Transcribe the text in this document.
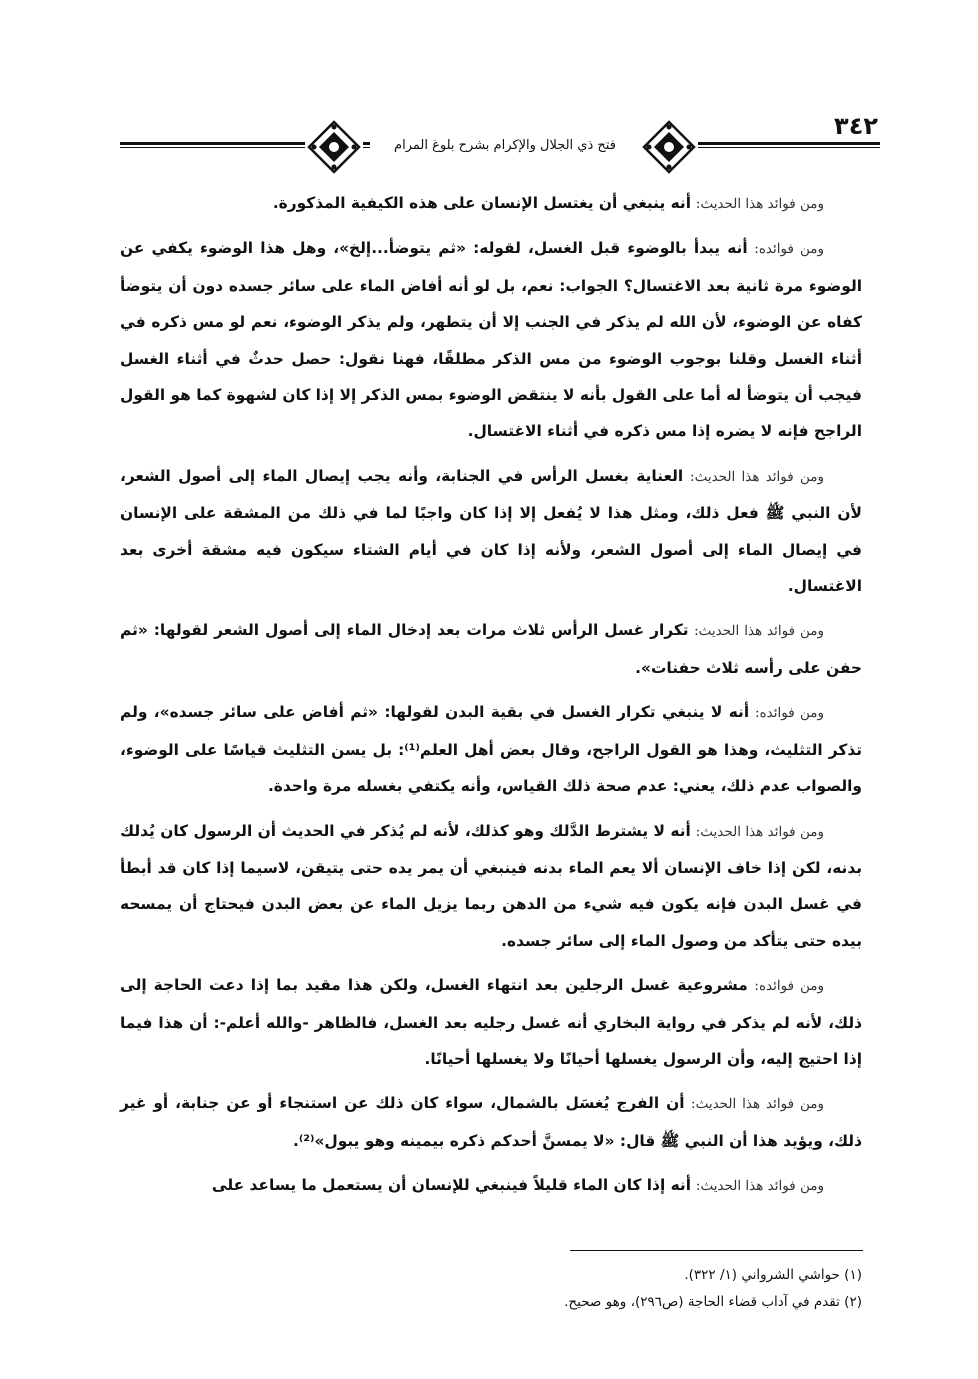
فتح ذي الجلال والإكرام بشرح بلوغ المرام
٣٤٢

ومن فوائد هذا الحديث: أنه ينبغي أن يغتسل الإنسان على هذه الكيفية المذكورة.

ومن فوائده: أنه يبدأ بالوضوء قبل الغسل، لقوله: «ثم يتوضأ...إلخ»، وهل هذا الوضوء يكفي عن الوضوء مرة ثانية بعد الاغتسال؟ الجواب: نعم، بل لو أنه أفاض الماء على سائر جسده دون أن يتوضأ كفاه عن الوضوء، لأن الله لم يذكر في الجنب إلا أن يتطهر، ولم يذكر الوضوء، نعم لو مس ذكره في أثناء الغسل وقلنا بوجوب الوضوء من مس الذكر مطلقًا، فهنا نقول: حصل حدثٌ في أثناء الغسل فيجب أن يتوضأ له أما على القول بأنه لا ينتقض الوضوء بمس الذكر إلا إذا كان لشهوة كما هو القول الراجح فإنه لا يضره إذا مس ذكره في أثناء الاغتسال.

ومن فوائد هذا الحديث: العناية بغسل الرأس في الجنابة، وأنه يجب إيصال الماء إلى أصول الشعر، لأن النبي ﷺ فعل ذلك، ومثل هذا لا يُفعل إلا إذا كان واجبًا لما في ذلك من المشقة على الإنسان في إيصال الماء إلى أصول الشعر، ولأنه إذا كان في أيام الشتاء سيكون فيه مشقة أخرى بعد الاغتسال.

ومن فوائد هذا الحديث: تكرار غسل الرأس ثلاث مرات بعد إدخال الماء إلى أصول الشعر لقولها: «ثم حفن على رأسه ثلاث حفنات».

ومن فوائده: أنه لا ينبغي تكرار الغسل في بقية البدن لقولها: «ثم أفاض على سائر جسده»، ولم تذكر التثليث، وهذا هو القول الراجح، وقال بعض أهل العلم⁽¹⁾: بل يسن التثليث قياسًا على الوضوء، والصواب عدم ذلك، يعني: عدم صحة ذلك القياس، وأنه يكتفي بغسله مرة واحدة.

ومن فوائد هذا الحديث: أنه لا يشترط الدَّلك وهو كذلك، لأنه لم يُذكر في الحديث أن الرسول كان يُدلك بدنه، لكن إذا خاف الإنسان ألا يعم الماء بدنه فينبغي أن يمر يده حتى يتيقن، لاسيما إذا كان قد أبطأ في غسل البدن فإنه يكون فيه شيء من الدهن ربما يزيل الماء عن بعض البدن فيحتاج أن يمسحه بيده حتى يتأكد من وصول الماء إلى سائر جسده.

ومن فوائده: مشروعية غسل الرجلين بعد انتهاء الغسل، ولكن هذا مقيد بما إذا دعت الحاجة إلى ذلك، لأنه لم يذكر في رواية البخاري أنه غسل رجليه بعد الغسل، فالظاهر -والله أعلم-: أن هذا فيما إذا احتيج إليه، وأن الرسول يغسلها أحيانًا ولا يغسلها أحيانًا.

ومن فوائد هذا الحديث: أن الفرج يُغسَل بالشمال، سواء كان ذلك عن استنجاء أو عن جنابة، أو غير ذلك، ويؤيد هذا أن النبي ﷺ قال: «لا يمسنَّ أحدكم ذكره بيمينه وهو يبول»⁽²⁾.

ومن فوائد هذا الحديث: أنه إذا كان الماء قليلاً فينبغي للإنسان أن يستعمل ما يساعد على

(١) حواشي الشرواني (١/ ٣٢٢).

(٢) تقدم في آداب قضاء الحاجة (ص٢٩٦)، وهو صحيح.
